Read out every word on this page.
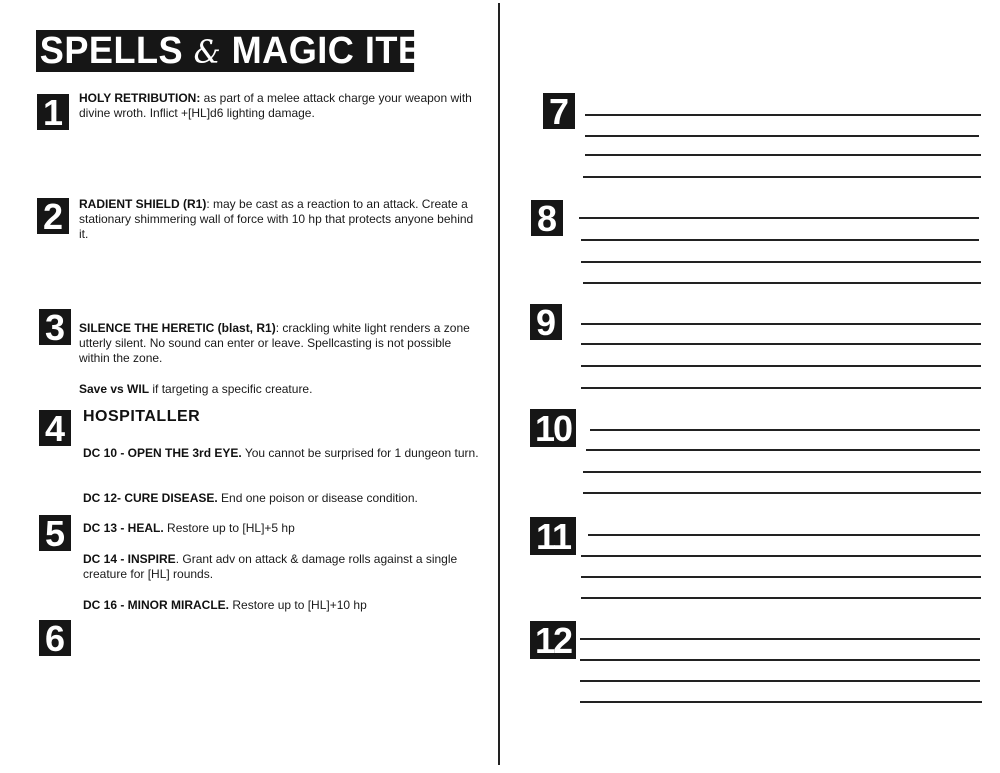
SPELLS & MAGIC ITEMS
1
2
3
4
5
6
HOLY RETRIBUTION: as part of a melee attack charge your weapon with divine wroth. Inflict +[HL]d6 lighting damage.
RADIENT SHIELD (R1): may be cast as a reaction to an attack. Create a stationary shimmering wall of force with 10 hp that protects anyone behind it.
SILENCE THE HERETIC (blast, R1): crackling white light renders a zone utterly silent. No sound can enter or leave. Spellcasting is not possible within the zone.
Save vs WIL if targeting a specific creature.
HOSPITALLER
DC 10 - OPEN THE 3rd EYE. You cannot be surprised for 1 dungeon turn.
DC 12- CURE DISEASE. End one poison or disease condition.
DC 13 - HEAL. Restore up to [HL]+5 hp
DC 14 - INSPIRE. Grant adv on attack & damage rolls against a single creature for [HL] rounds.
DC 16 - MINOR MIRACLE. Restore up to [HL]+10 hp
7
8
9
10
11
12
